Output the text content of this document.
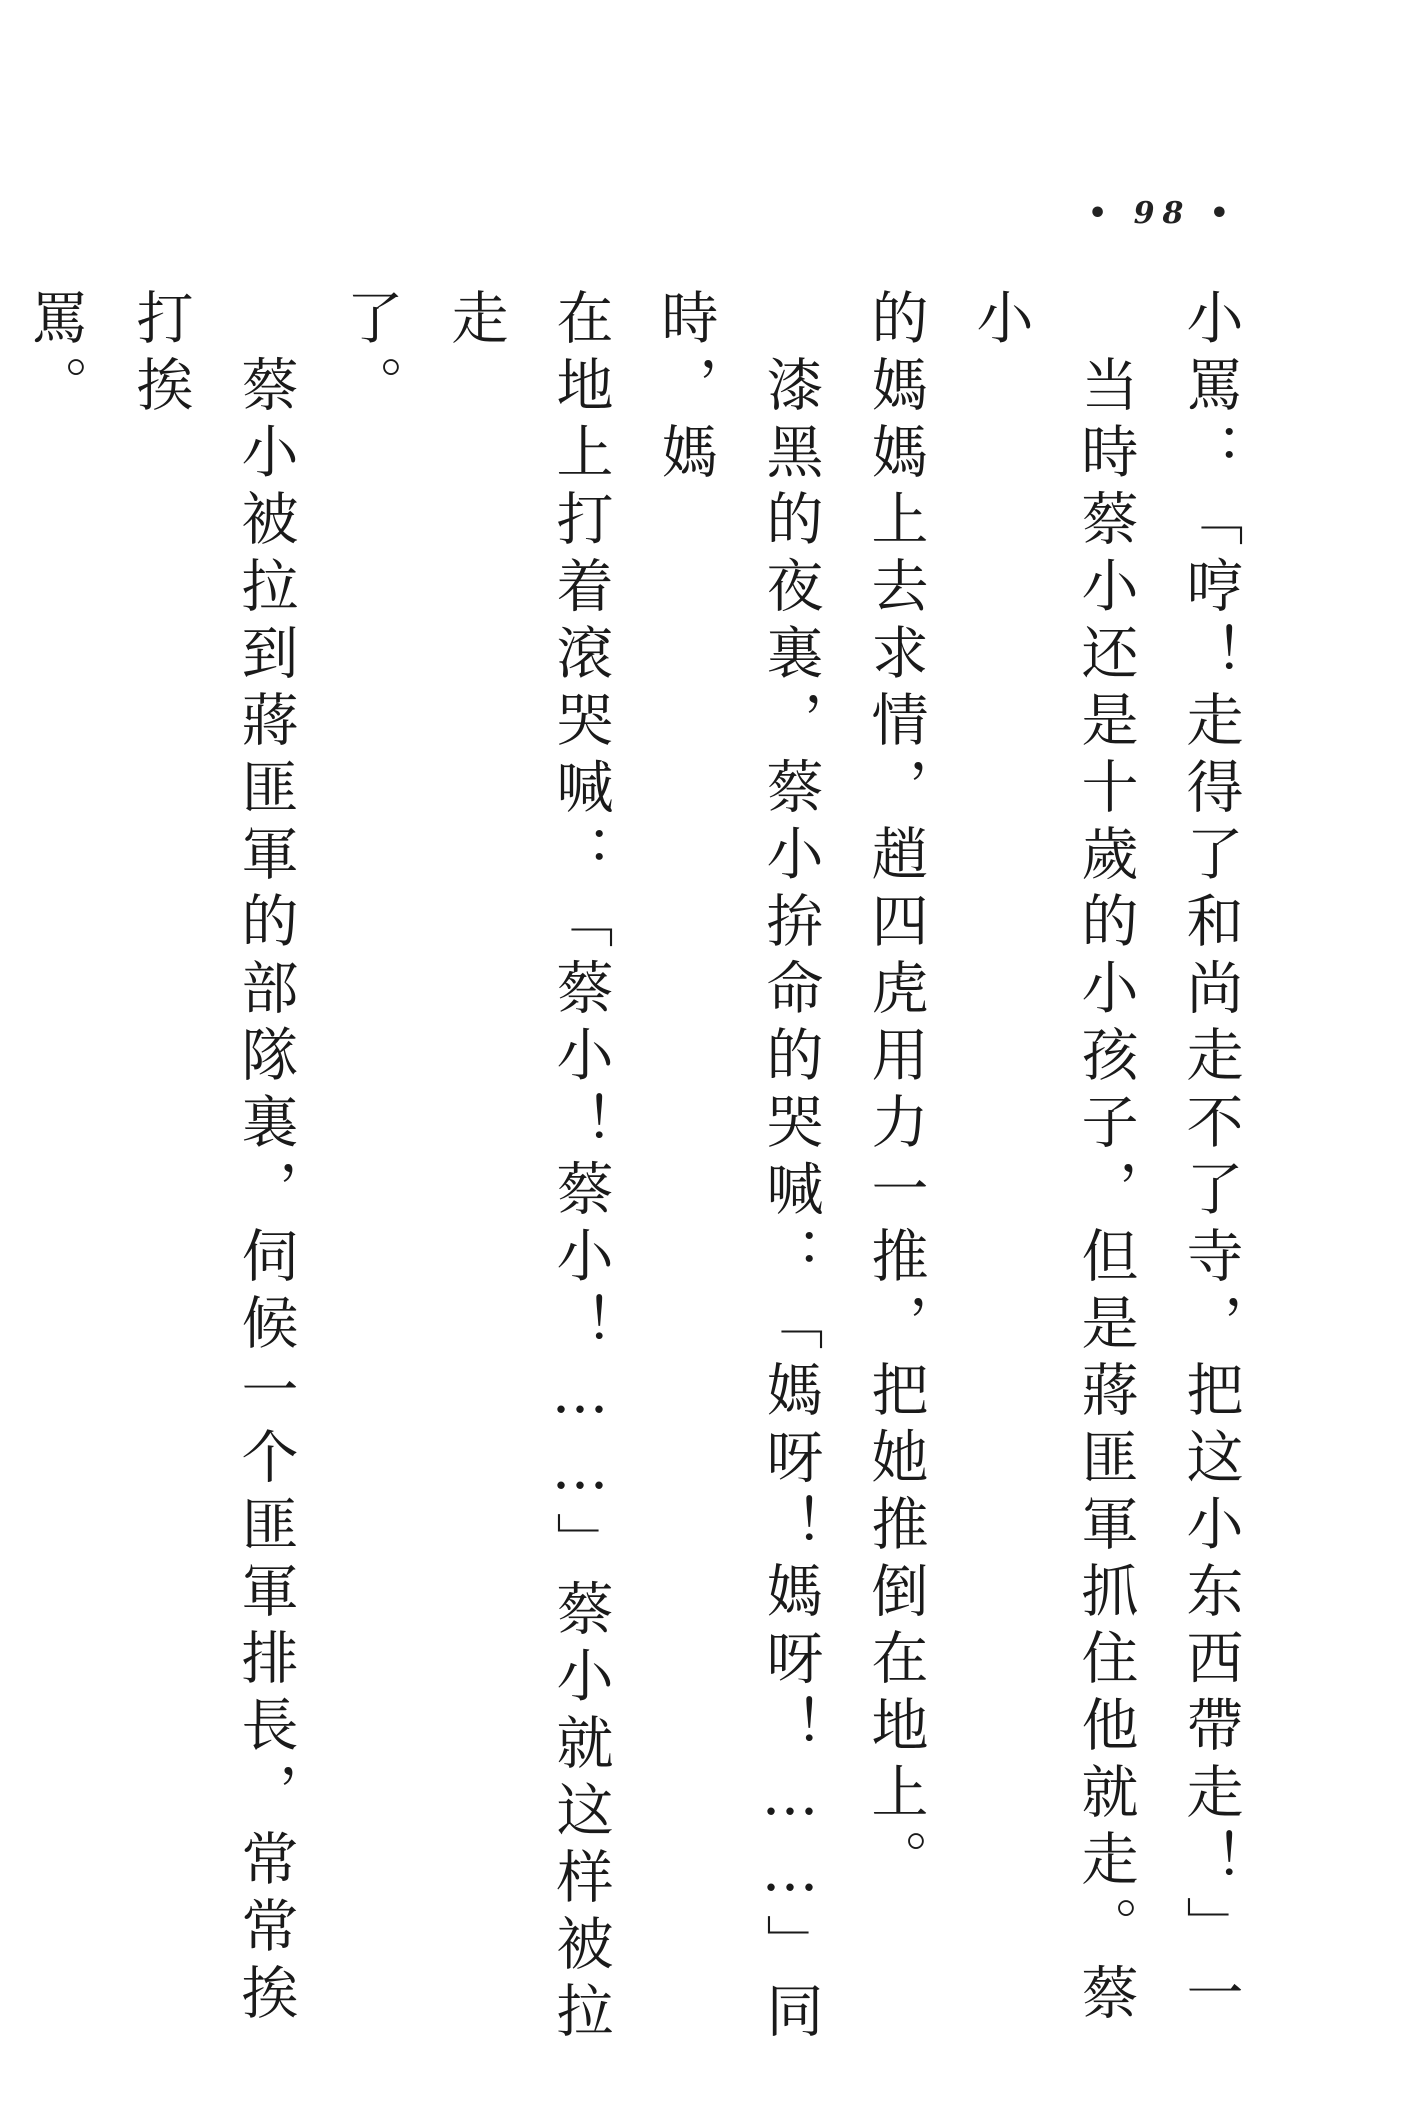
• 98 •

小罵：「哼！走得了和尚走不了寺，把这小东西帶走！」一

当時蔡小还是十歲的小孩子，但是蔣匪軍抓住他就走。蔡小

的媽媽上去求情，趙四虎用力一推，把她推倒在地上。

漆黑的夜裏，蔡小拚命的哭喊：「媽呀！媽呀！……」同時，媽

在地上打着滾哭喊：「蔡小！蔡小！……」蔡小就这样被拉走

了。

蔡小被拉到蔣匪軍的部隊裏，伺候一个匪軍排長，常常挨打挨

罵。
